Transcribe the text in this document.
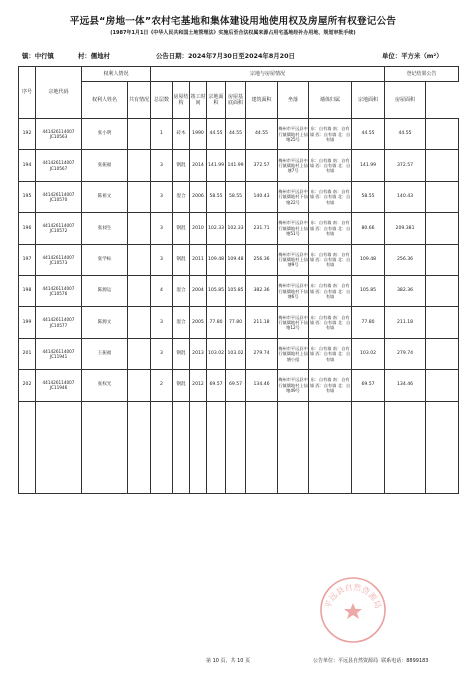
平远县“房地一体”农村宅基地和集体建设用地使用权及房屋所有权登记公告
(1987年1月1日《中华人民共和国土地管理法》实施后至合法权属来源占用宅基地经补办用地、规划审批手续)
镇：中行镇	村：儒地村	公告日期：2024年7月30日至2024年8月20日	单位：平方米（m²）
序号	宗地代码	权利人情况		宗地与房屋情况									登记结果公告	
		权利人姓名	共有情况	总层数	房屋结构	竣工时间	宗地面积	房屋基底面积	建筑面积	坐落	墙体归属	宗地面积	房屋面积	
192	441426114007
JC10563	张小明		1	砖木	1990	44.55	44.55	44.55	梅州市平远县中行镇儒地村上仙塘25号	东：自有墙 南：自有墙 西：自有墙 北：自有墙	44.55	44.55	
194	441426114007
JC10567	张振福		3	钢混	2014	141.99	141.99	372.57	梅州市平远县中行镇儒地村上仙塘7号	东：自有墙 南：自有墙 西：自有墙 北：自有墙	141.99	372.57	
195	441426114007
JC10570	陈祖文		3	混合	2006	58.55	58.55	140.43	梅州市平远县中行镇儒地村下仙塘22号	东：自有墙 南：自有墙 西：自有墙 北：自有墙	58.55	140.43	
196	441426114007
JC10572	张昶生		3	钢混	2010	102.33	102.33	231.71	梅州市平远县中行镇儒地村上仙塘51号	东：自有墙 南：自有墙 西：自有墙 北：自有墙	80.66	209.381	
197	441426114007
JC10573	张学标		3	钢混	2011	109.48	109.48	256.36	梅州市平远县中行镇儒地村上仙塘9号	东：自有墙 南：自有墙 西：自有墙 北：自有墙	109.48	256.36	
198	441426114007
JC10576	陈源运		4	混合	2004	105.85	105.85	382.36	梅州市平远县中行镇儒地村下仙塘6号	东：自有墙 南：自有墙 西：自有墙 北：自有墙	105.85	382.36	
199	441426114007
JC10577	陈源文		3	混合	2005	77.80	77.80	211.18	梅州市平远县中行镇儒地村下仙塘12号	东：自有墙 南：自有墙 西：自有墙 北：自有墙	77.80	211.18	
201	441426114007
JC11941	王振福		3	钢混	2013	103.02	103.02	279.74	梅州市平远县中行镇儒地村上仙塘小组	东：自有墙 南：自有墙 西：自有墙 北：自有墙	103.02	279.74	
202	441426114007
JC11946	张权光		2	钢混	2012	69.57	69.57	134.46	梅州市平远县中行镇儒地村上仙塘49号	东：自有墙 南：自有墙 西：自有墙 北：自有墙	69.57	134.46	

平远县自然资源局
第 10 页，共 10 页	公告单位：平远县自然资源局 联系电话：8899183
